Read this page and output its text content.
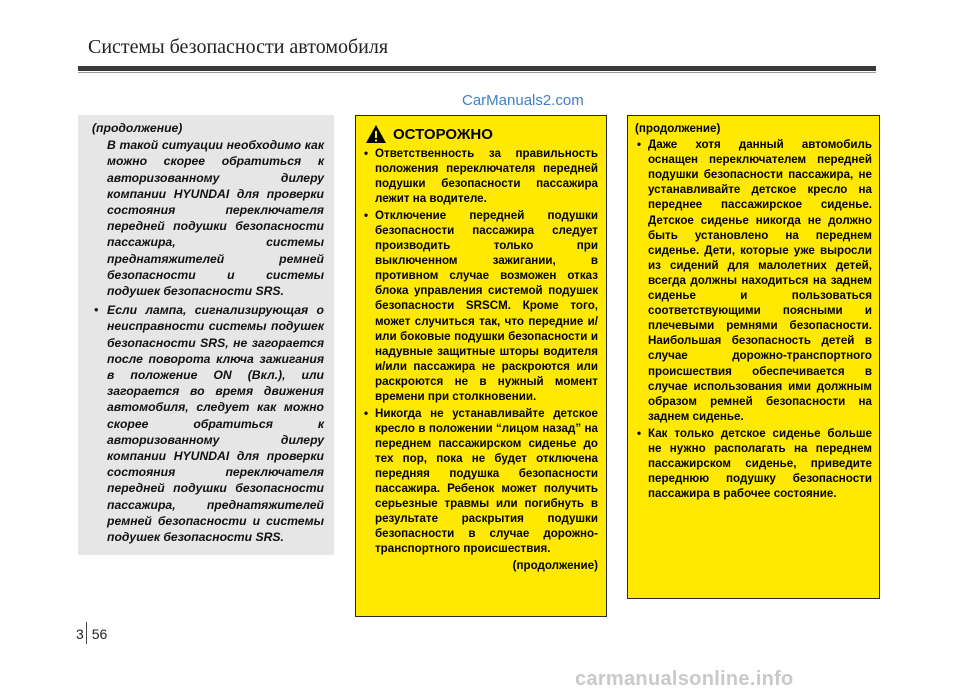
Системы безопасности автомобиля
CarManuals2.com
(продолжение)
В такой ситуации необходимо как можно скорее обратиться к авторизованному дилеру компании HYUNDAI для проверки состояния переключателя передней подушки безопасности пассажира, системы преднатяжителей ремней безопасности и системы подушек безопасности SRS.
• Если лампа, сигнализирующая о неисправности системы подушек безопасности SRS, не загорается после поворота ключа зажигания в положение ON (Вкл.), или загорается во время движения автомобиля, следует как можно скорее обратиться к авторизованному дилеру компании HYUNDAI для проверки состояния переключателя передней подушки безопасности пассажира, преднатяжителей ремней безопасности и системы подушек безопасности SRS.
ОСТОРОЖНО
• Ответственность за правильность положения переключателя передней подушки безопасности пассажира лежит на водителе.
• Отключение передней подушки безопасности пассажира следует производить только при выключенном зажигании, в противном случае возможен отказ блока управления системой подушек безопасности SRSCM. Кроме того, может случиться так, что передние и/или боковые подушки безопасности и надувные защитные шторы водителя и/или пассажира не раскроются или раскроются не в нужный момент времени при столкновении.
• Никогда не устанавливайте детское кресло в положении “лицом назад” на переднем пассажирском сиденье до тех пор, пока не будет отключена передняя подушка безопасности пассажира. Ребенок может получить серьезные травмы или погибнуть в результате раскрытия подушки безопасности в случае дорожно-транспортного происшествия.
(продолжение)
(продолжение)
• Даже хотя данный автомобиль оснащен переключателем передней подушки безопасности пассажира, не устанавливайте детское кресло на переднее пассажирское сиденье. Детское сиденье никогда не должно быть установлено на переднем сиденье. Дети, которые уже выросли из сидений для малолетних детей, всегда должны находиться на заднем сиденье и пользоваться соответствующими поясными и плечевыми ремнями безопасности. Наибольшая безопасность детей в случае дорожно-транспортного происшествия обеспечивается в случае использования ими должным образом ремней безопасности на заднем сиденье.
• Как только детское сиденье больше не нужно располагать на переднем пассажирском сиденье, приведите переднюю подушку безопасности пассажира в рабочее состояние.
3 56
carmanualsonline.info
